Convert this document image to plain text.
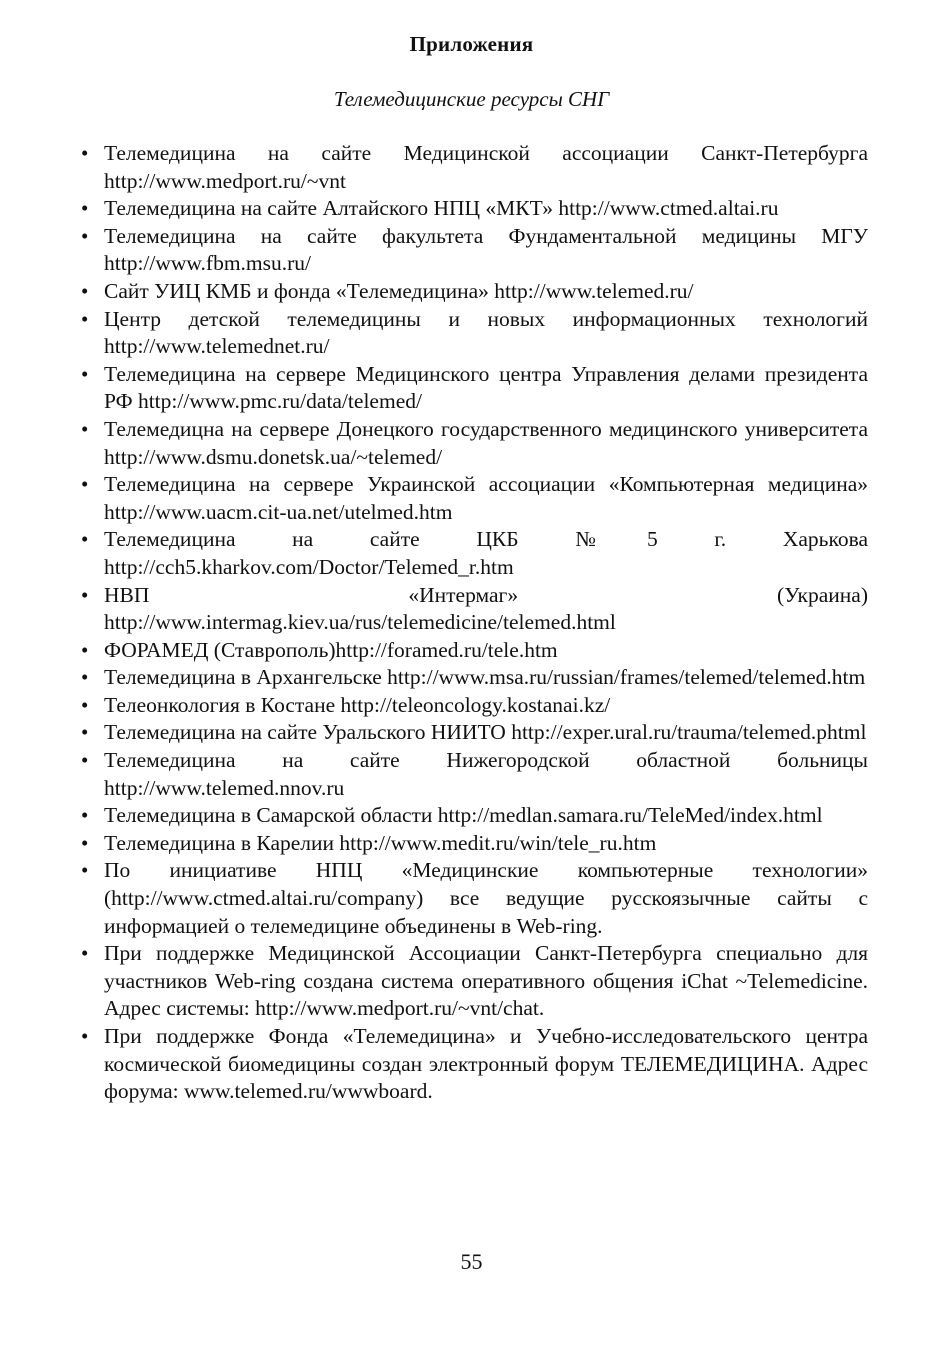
Приложения
Телемедицинские ресурсы СНГ
• Телемедицина на сайте Медицинской ассоциации Санкт-Петербурга http://www.medport.ru/~vnt
• Телемедицина на сайте Алтайского НПЦ «МКТ» http://www.ctmed.altai.ru
• Телемедицина на сайте факультета Фундаментальной медицины МГУ http://www.fbm.msu.ru/
• Сайт УИЦ КМБ и фонда «Телемедицина» http://www.telemed.ru/
• Центр детской телемедицины и новых информационных технологий http://www.telemednet.ru/
• Телемедицина на сервере Медицинского центра Управления делами президента РФ http://www.pmc.ru/data/telemed/
• Телемедицна на сервере Донецкого государственного медицинского университета http://www.dsmu.donetsk.ua/~telemed/
• Телемедицина на сервере Украинской ассоциации «Компьютерная медицина» http://www.uacm.cit-ua.net/utelmed.htm
• Телемедицина на сайте ЦКБ №5 г. Харькова http://cch5.kharkov.com/Doctor/Telemed_r.htm
• НВП «Интермаг» (Украина) http://www.intermag.kiev.ua/rus/telemedicine/telemed.html
• ФОРАМЕД (Ставрополь)http://foramed.ru/tele.htm
• Телемедицина в Архангельске http://www.msa.ru/russian/frames/telemed/telemed.htm
• Телеонкология в Костане http://teleoncology.kostanai.kz/
• Телемедицина на сайте Уральского НИИТО http://exper.ural.ru/trauma/telemed.phtml
• Телемедицина на сайте Нижегородской областной больницы http://www.telemed.nnov.ru
• Телемедицина в Самарской области http://medlan.samara.ru/TeleMed/index.html
• Телемедицина в Карелии http://www.medit.ru/win/tele_ru.htm
• По инициативе НПЦ «Медицинские компьютерные технологии» (http://www.ctmed.altai.ru/company) все ведущие русскоязычные сайты с информацией о телемедицине объединены в Web-ring.
• При поддержке Медицинской Ассоциации Санкт-Петербурга специально для участников Web-ring создана система оперативного общения iChat ~Telemedicine. Адрес системы: http://www.medport.ru/~vnt/chat.
• При поддержке Фонда «Телемедицина» и Учебно-исследовательского центра космической биомедицины создан электронный форум ТЕЛЕМЕДИЦИНА. Адрес форума: www.telemed.ru/wwwboard.
55
